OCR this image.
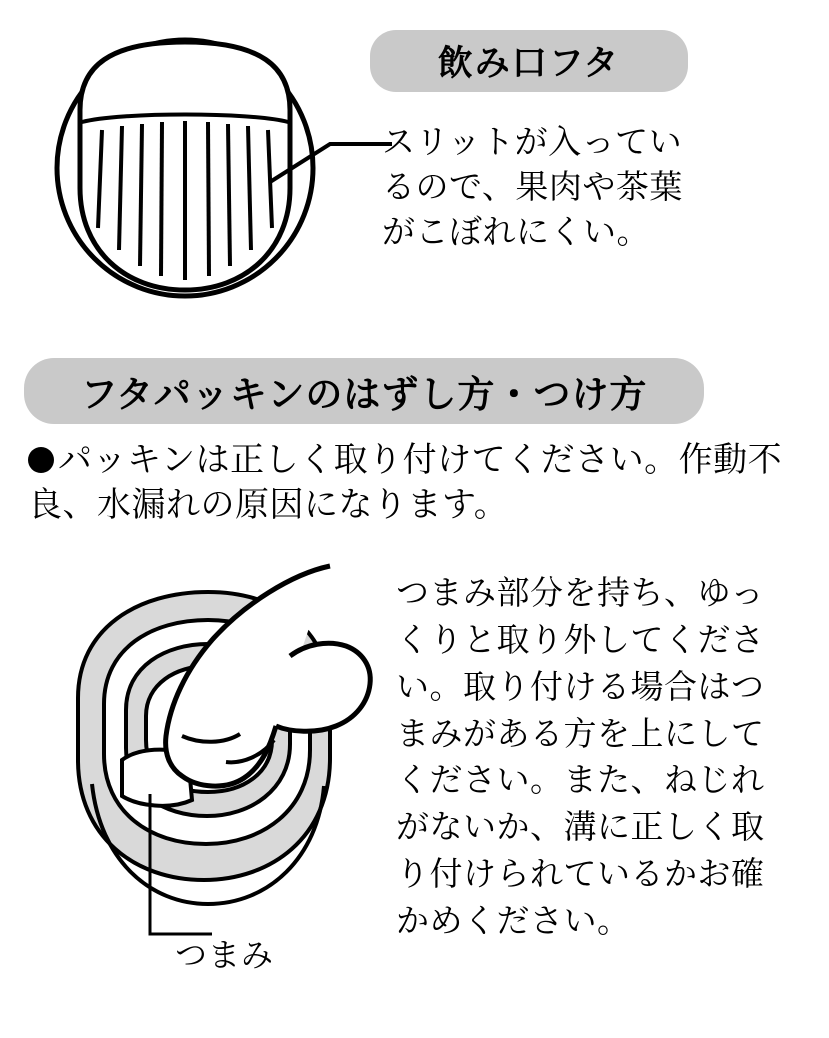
飲み口フタ
スリットが入っているので、果肉や茶葉がこぼれにくい。
フタパッキンのはずし方・つけ方
パッキンは正しく取り付けてください。作動不良、水漏れの原因になります。
つまみ
つまみ部分を持ち、ゆっくりと取り外してください。取り付ける場合はつまみがある方を上にしてください。また、ねじれがないか、溝に正しく取り付けられているかお確かめください。
